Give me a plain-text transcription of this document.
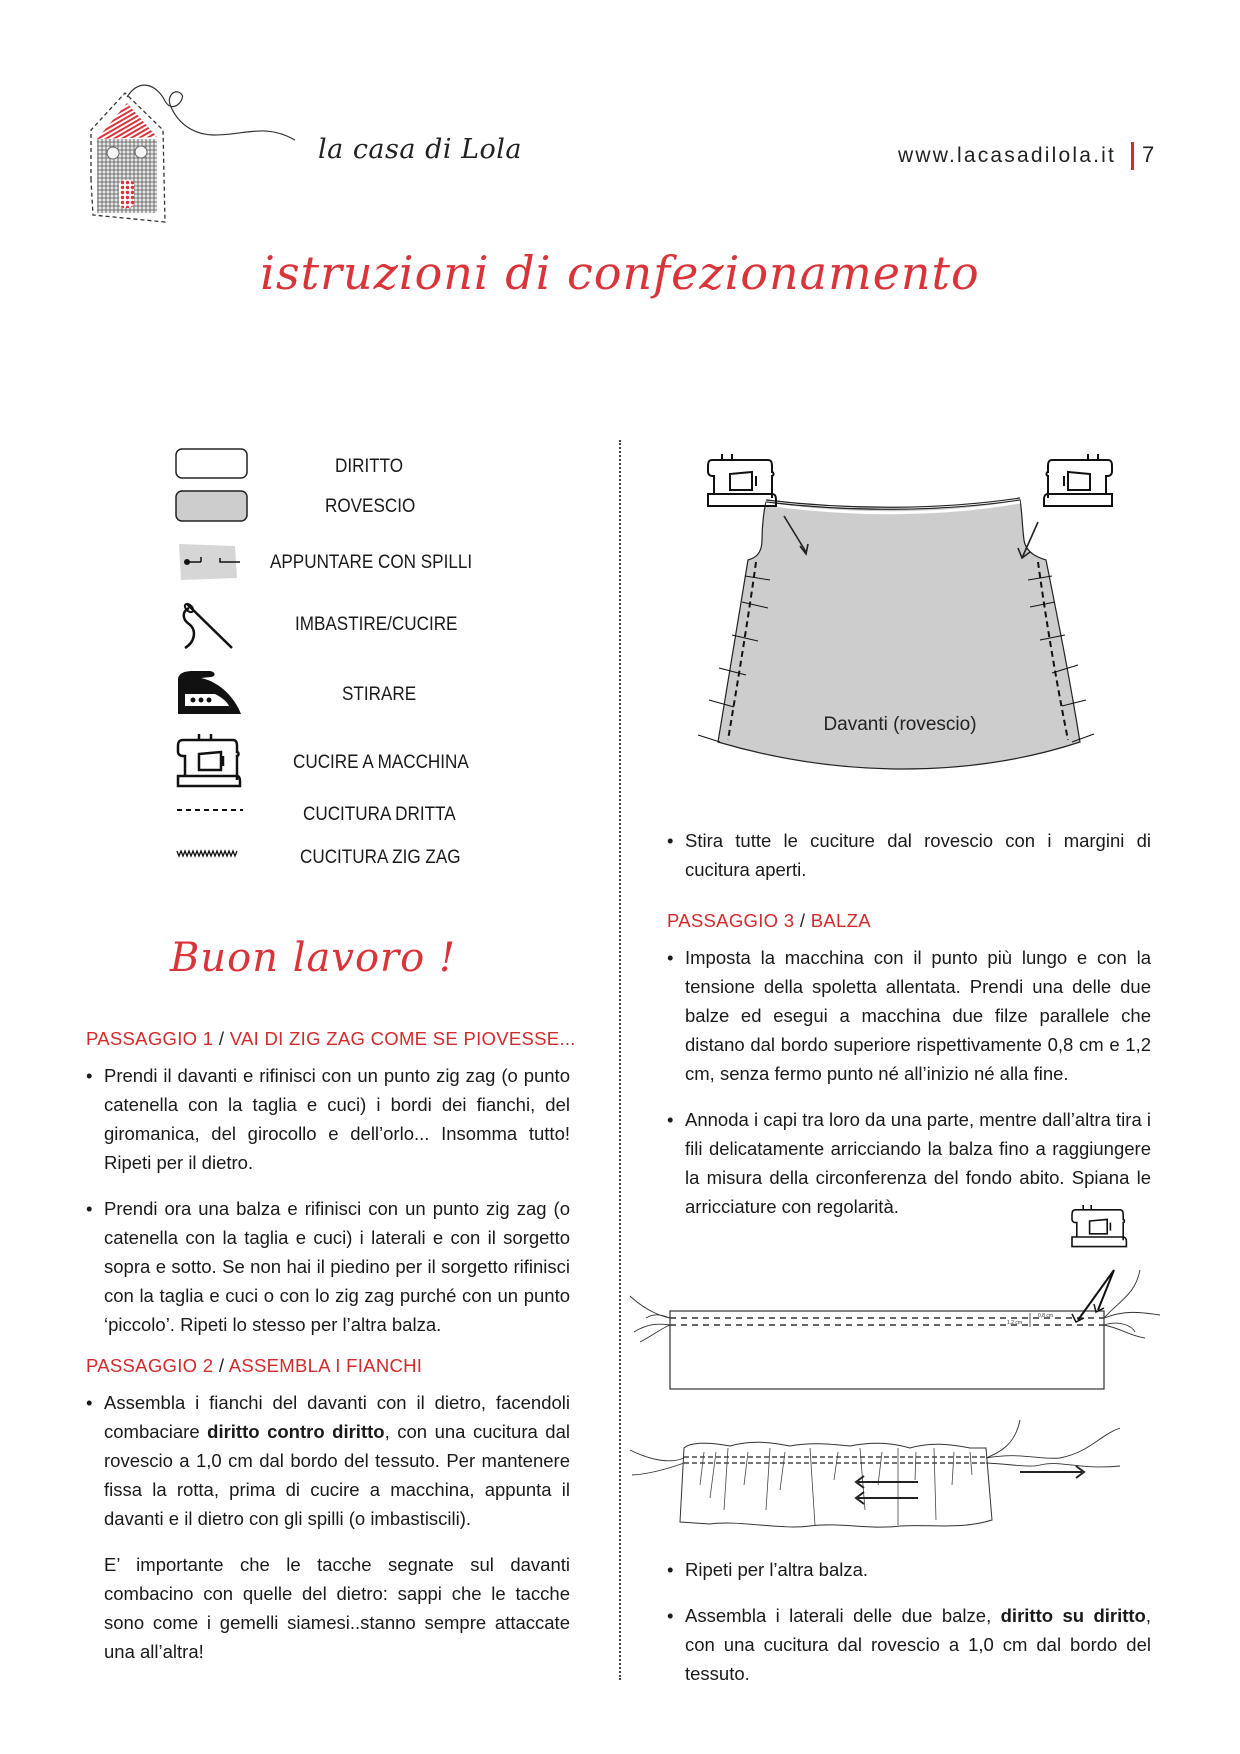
la casa di Lola	www.lacasadilola.it 7
istruzioni di confezionamento
DIRITTO
ROVESCIO
APPUNTARE CON SPILLI
IMBASTIRE/CUCIRE
STIRARE
CUCIRE A MACCHINA
CUCITURA DRITTA
CUCITURA ZIG ZAG
Buon lavoro !
PASSAGGIO 1 / VAI DI ZIG ZAG COME SE PIOVESSE...

• Prendi il davanti e rifinisci con un punto zig zag (o punto catenella con la taglia e cuci) i bordi dei fianchi, del giromanica, del girocollo e dell’orlo... Insomma tutto! Ripeti per il dietro.

• Prendi ora una balza e rifinisci con un punto zig zag (o catenella con la taglia e cuci) i laterali e con il sorgetto sopra e sotto. Se non hai il piedino per il sorgetto rifinisci con la taglia e cuci o con lo zig zag purché con un punto ‘piccolo’. Ripeti lo stesso per l’altra balza.

PASSAGGIO 2 / ASSEMBLA I FIANCHI

• Assembla i fianchi del davanti con il dietro, facendoli combaciare diritto contro diritto, con una cucitura dal rovescio a 1,0 cm dal bordo del tessuto. Per mantenere fissa la rotta, prima di cucire a macchina, appunta il davanti e il dietro con gli spilli (o imbastiscili).

E’ importante che le tacche segnate sul davanti combacino con quelle del dietro: sappi che le tacche sono come i gemelli siamesi..stanno sempre attaccate una all’altra!

Davanti (rovescio)

• Stira tutte le cuciture dal rovescio con i margini di cucitura aperti.

PASSAGGIO 3 / BALZA

• Imposta la macchina con il punto più lungo e con la tensione della spoletta allentata. Prendi una delle due balze ed esegui a macchina due filze parallele che distano dal bordo superiore rispettivamente 0,8 cm e 1,2 cm, senza fermo punto né all’inizio né alla fine.

• Annoda i capi tra loro da una parte, mentre dall’altra tira i fili delicatamente arricciando la balza fino a raggiungere la misura della circonferenza del fondo abito. Spiana le arricciature con regolarità.

0,8 cm
1,2 cm

• Ripeti per l’altra balza.

• Assembla i laterali delle due balze, diritto su diritto, con una cucitura dal rovescio a 1,0 cm dal bordo del tessuto.
